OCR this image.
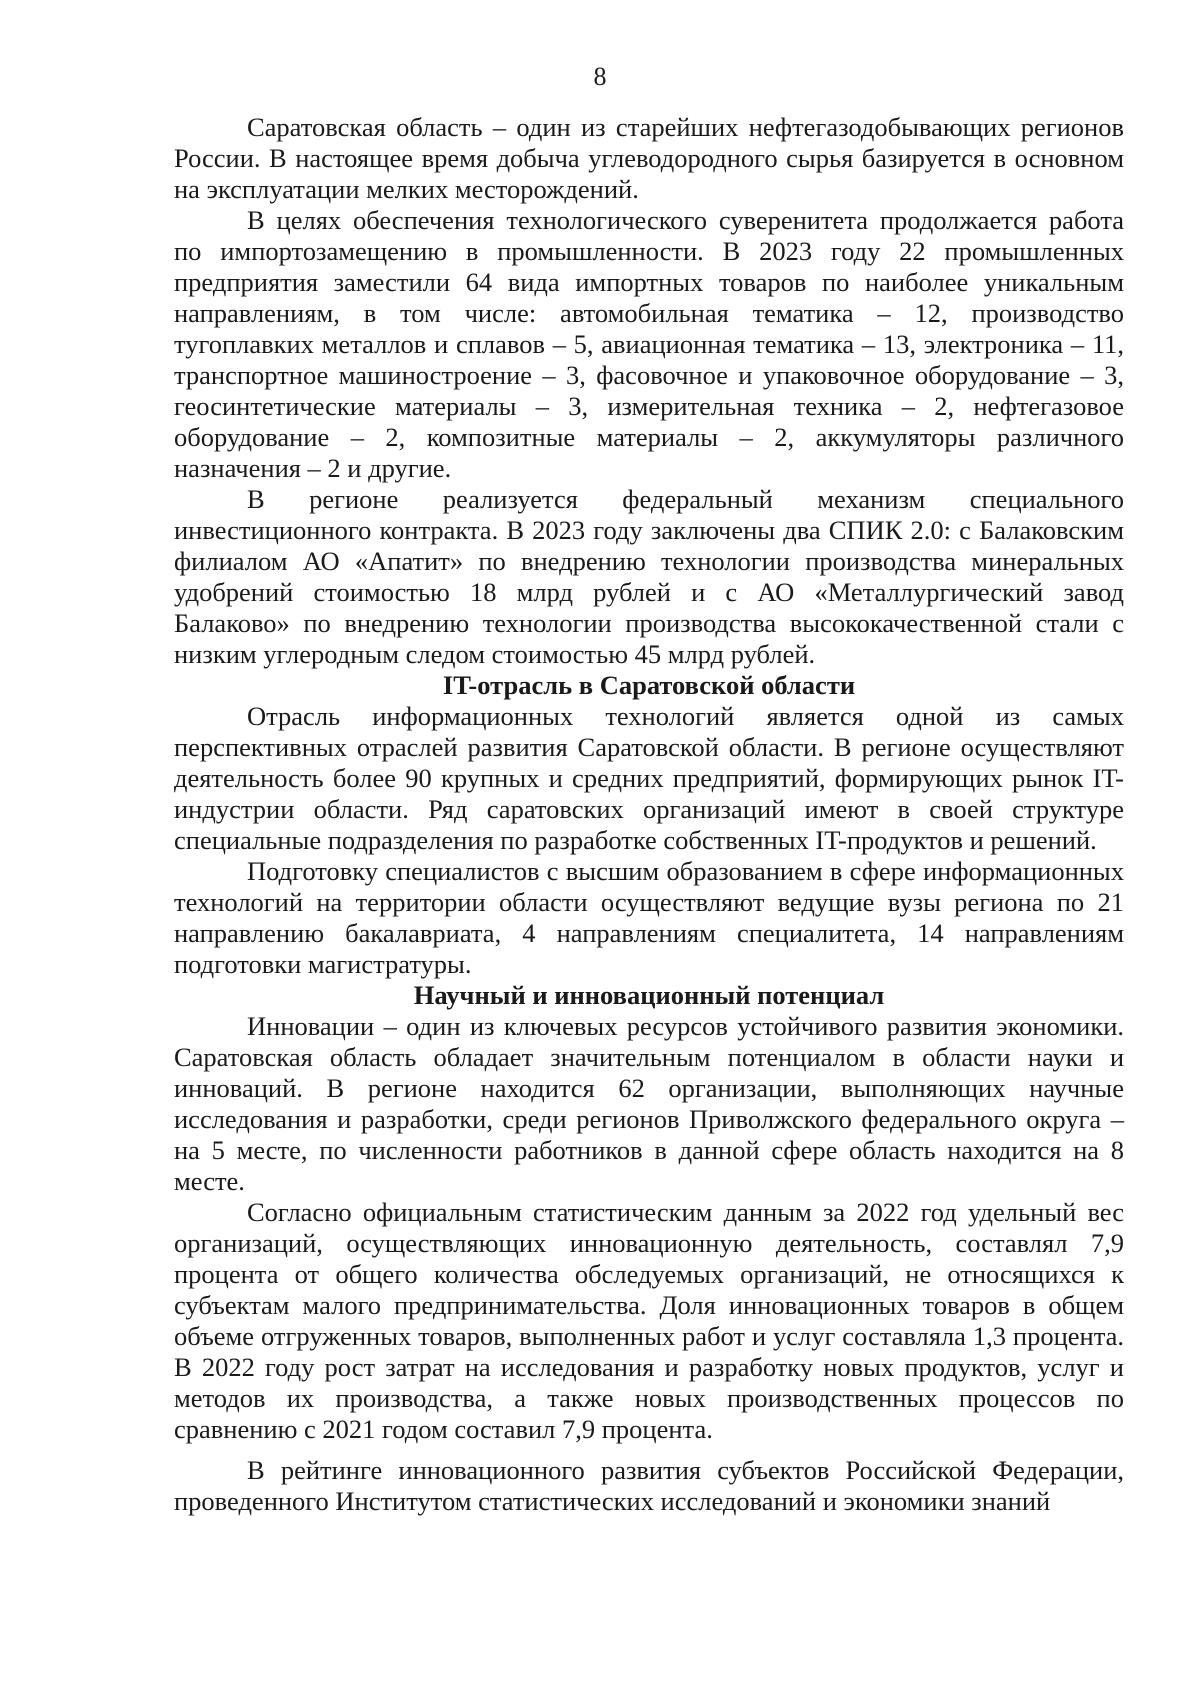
8

Саратовская область – один из старейших нефтегазодобывающих регионов России. В настоящее время добыча углеводородного сырья базируется в основном на эксплуатации мелких месторождений.

В целях обеспечения технологического суверенитета продолжается работа по импортозамещению в промышленности. В 2023 году 22 промышленных предприятия заместили 64 вида импортных товаров по наиболее уникальным направлениям, в том числе: автомобильная тематика – 12, производство тугоплавких металлов и сплавов – 5, авиационная тематика – 13, электроника – 11, транспортное машиностроение – 3, фасовочное и упаковочное оборудование – 3, геосинтетические материалы – 3, измерительная техника – 2, нефтегазовое оборудование – 2, композитные материалы – 2, аккумуляторы различного назначения – 2 и другие.

В регионе реализуется федеральный механизм специального инвестиционного контракта. В 2023 году заключены два СПИК 2.0: с Балаковским филиалом АО «Апатит» по внедрению технологии производства минеральных удобрений стоимостью 18 млрд рублей и с АО «Металлургический завод Балаково» по внедрению технологии производства высококачественной стали с низким углеродным следом стоимостью 45 млрд рублей.

IT-отрасль в Саратовской области

Отрасль информационных технологий является одной из самых перспективных отраслей развития Саратовской области. В регионе осуществляют деятельность более 90 крупных и средних предприятий, формирующих рынок IT-индустрии области. Ряд саратовских организаций имеют в своей структуре специальные подразделения по разработке собственных IT-продуктов и решений.

Подготовку специалистов с высшим образованием в сфере информационных технологий на территории области осуществляют ведущие вузы региона по 21 направлению бакалавриата, 4 направлениям специалитета, 14 направлениям подготовки магистратуры.

Научный и инновационный потенциал

Инновации – один из ключевых ресурсов устойчивого развития экономики. Саратовская область обладает значительным потенциалом в области науки и инноваций. В регионе находится 62 организации, выполняющих научные исследования и разработки, среди регионов Приволжского федерального округа – на 5 месте, по численности работников в данной сфере область находится на 8 месте.

Согласно официальным статистическим данным за 2022 год удельный вес организаций, осуществляющих инновационную деятельность, составлял 7,9 процента от общего количества обследуемых организаций, не относящихся к субъектам малого предпринимательства. Доля инновационных товаров в общем объеме отгруженных товаров, выполненных работ и услуг составляла 1,3 процента. В 2022 году рост затрат на исследования и разработку новых продуктов, услуг и методов их производства, а также новых производственных процессов по сравнению с 2021 годом составил 7,9 процента.

В рейтинге инновационного развития субъектов Российской Федерации, проведенного Институтом статистических исследований и экономики знаний
